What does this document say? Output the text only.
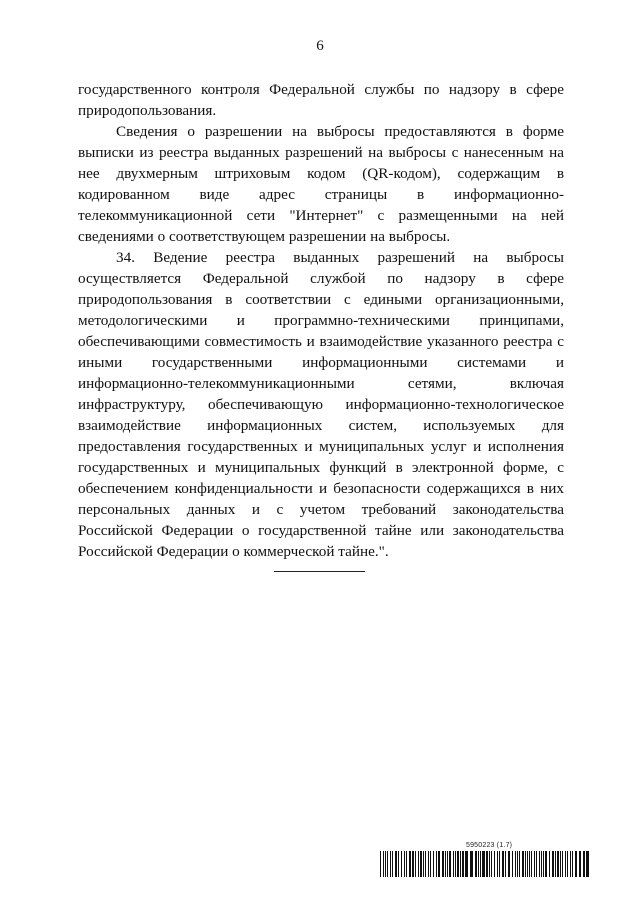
6

государственного контроля Федеральной службы по надзору в сфере природопользования.

Сведения о разрешении на выбросы предоставляются в форме выписки из реестра выданных разрешений на выбросы с нанесенным на нее двухмерным штриховым кодом (QR-кодом), содержащим в кодированном виде адрес страницы в информационно-телекоммуникационной сети "Интернет" с размещенными на ней сведениями о соответствующем разрешении на выбросы.

34. Ведение реестра выданных разрешений на выбросы осуществляется Федеральной службой по надзору в сфере природопользования в соответствии с едиными организационными, методологическими и программно-техническими принципами, обеспечивающими совместимость и взаимодействие указанного реестра с иными государственными информационными системами и информационно-телекоммуникационными сетями, включая инфраструктуру, обеспечивающую информационно-технологическое взаимодействие информационных систем, используемых для предоставления государственных и муниципальных услуг и исполнения государственных и муниципальных функций в электронной форме, с обеспечением конфиденциальности и безопасности содержащихся в них персональных данных и с учетом требований законодательства Российской Федерации о государственной тайне или законодательства Российской Федерации о коммерческой тайне.".

5950223 (1.7)
